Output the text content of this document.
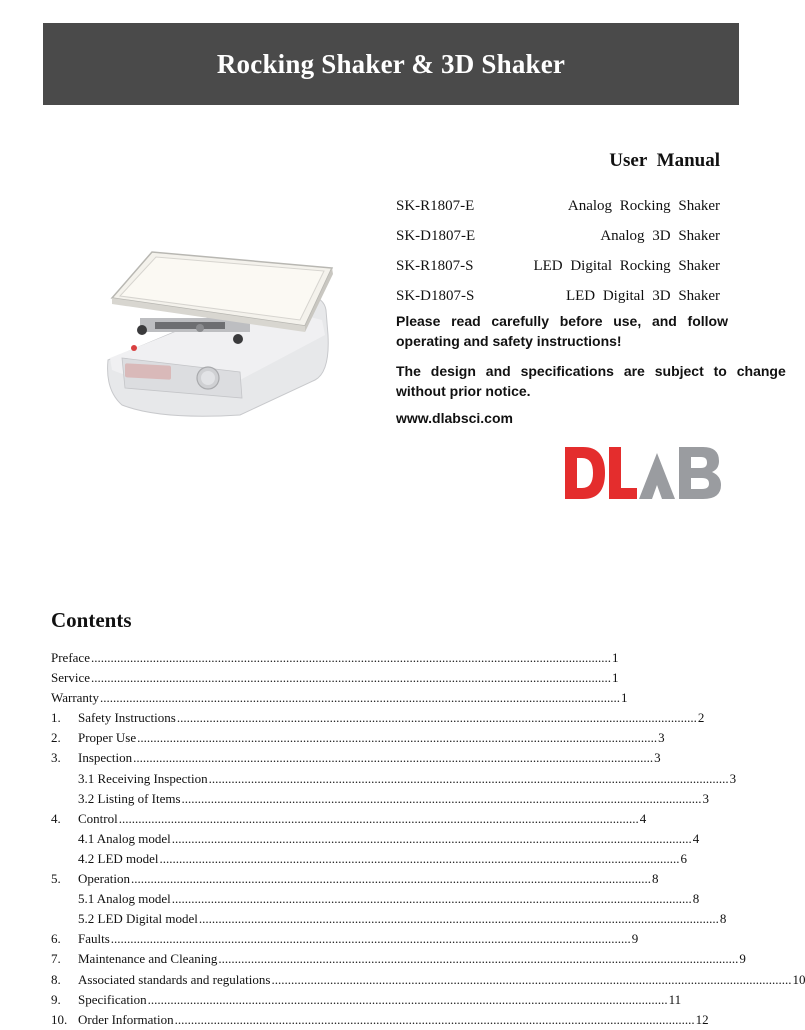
Rocking Shaker & 3D Shaker
User Manual
SK-R1807-E	Analog Rocking Shaker
SK-D1807-E	Analog 3D Shaker
SK-R1807-S	LED Digital Rocking Shaker
SK-D1807-S	LED Digital 3D Shaker
Please read carefully before use, and follow
operating and safety instructions!
The design and specifications are subject to change
without prior notice.
www.dlabsci.com
Contents
Preface .....	1
Service .....	1
Warranty .....	1
1.	Safety Instructions .....	2
2.	Proper Use .....	3
3.	Inspection .....	3
3.1 Receiving Inspection .....	3
3.2 Listing of Items .....	3
4.	Control .....	4
4.1 Analog model .....	4
4.2 LED model .....	6
5.	Operation .....	8
5.1 Analog model .....	8
5.2 LED Digital model .....	8
6.	Faults .....	9
7.	Maintenance and Cleaning .....	9
8.	Associated standards and regulations .....	10
9.	Specification .....	11
10. Order Information .....	12
